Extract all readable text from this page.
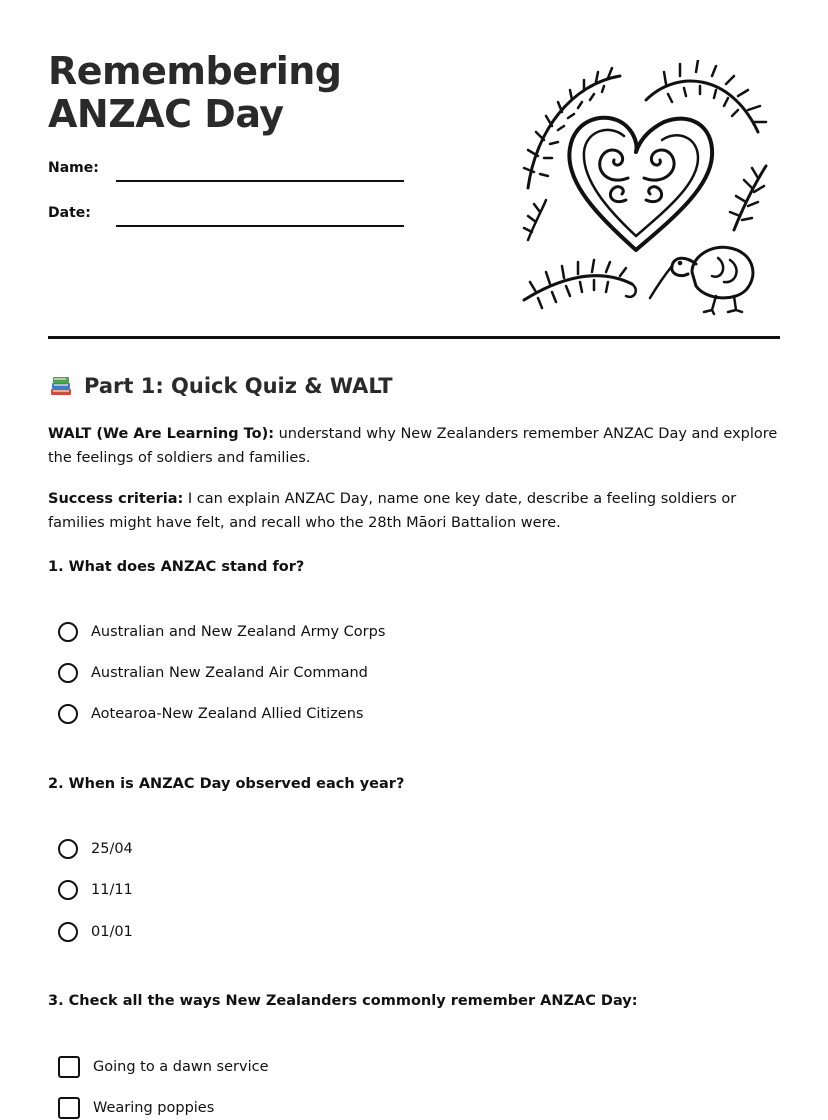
Remembering ANZAC Day
Name:
Date:
Part 1: Quick Quiz & WALT

WALT (We Are Learning To): understand why New Zealanders remember ANZAC Day and explore the feelings of soldiers and families.

Success criteria: I can explain ANZAC Day, name one key date, describe a feeling soldiers or families might have felt, and recall who the 28th Māori Battalion were.

1. What does ANZAC stand for?

Australian and New Zealand Army Corps
Australian New Zealand Air Command
Aotearoa-New Zealand Allied Citizens

2. When is ANZAC Day observed each year?

25/04
11/11
01/01

3. Check all the ways New Zealanders commonly remember ANZAC Day:

Going to a dawn service
Wearing poppies
